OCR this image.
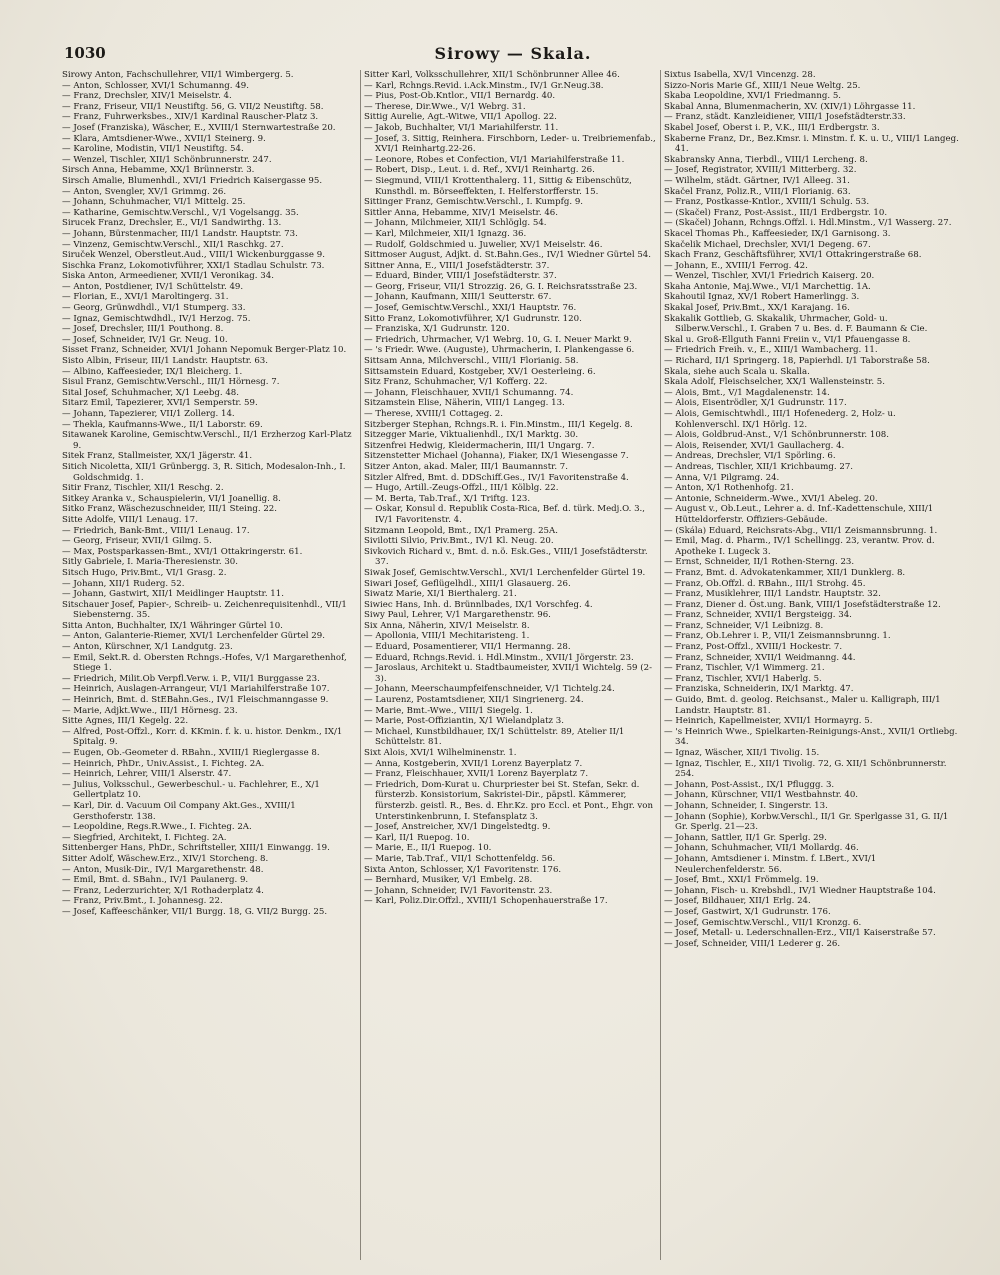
1030	Sirowy — Skala.
Sirowy Anton, Fachschullehrer, VII/1 Wimbergerg. 5.
— Anton, Schlosser, XVI/1 Schumanng. 49.
— Franz, Drechsler, XIV/1 Meiselstr. 4.
— Franz, Friseur, VII/1 Neustiftg. 56, G. VII/2 Neustiftg. 58.
— Franz, Fuhrwerksbes., XIV/1 Kardinal Rauscher-Platz 3.
— Josef (Franziska), Wäscher, E., XVIII/1 Sternwartestraße 20.
— Klara, Amtsdiener-Wwe., XVII/1 Steinerg. 9.
— Karoline, Modistin, VII/1 Neustiftg. 54.
— Wenzel, Tischler, XII/1 Schönbrunnerstr. 247.
Sirsch Anna, Hebamme, XX/1 Brünnerstr. 3.
Sirsch Amalie, Blumenhdl., XVI/1 Friedrich Kaisergasse 95.
— Anton, Svengler, XV/1 Grimmg. 26.
— Johann, Schuhmacher, VI/1 Mittelg. 25.
— Katharine, Gemischtw.Verschl., V/1 Vogelsangg. 35.
Sirucek Franz, Drechsler, E., VI/1 Sandwirthg. 13.
— Johann, Bürstenmacher, III/1 Landstr. Hauptstr. 73.
— Vinzenz, Gemischtw.Verschl., XII/1 Raschkg. 27.
Siruček Wenzel, Oberstleut.Aud., VIII/1 Wickenburggasse 9.
Sischka Franz, Lokomotivführer, XXI/1 Stadlau Schulstr. 73.
Siska Anton, Armeediener, XVII/1 Veronikag. 34.
— Anton, Postdiener, IV/1 Schüttelstr. 49.
— Florian, E., XVI/1 Maroltingerg. 31.
— Georg, Grünwdhdl., VI/1 Stumperg. 33.
— Ignaz, Gemischtwdhdl., IV/1 Herzog. 75.
— Josef, Drechsler, III/1 Pouthong. 8.
— Josef, Schneider, IV/1 Gr. Neug. 10.
Sisset Franz, Schneider, XVI/1 Johann Nepomuk Berger-Platz 10.
Sisto Albin, Friseur, III/1 Landstr. Hauptstr. 63.
— Albino, Kaffeesieder, IX/1 Bleicherg. 1.
Sisul Franz, Gemischtw.Verschl., III/1 Hörnesg. 7.
Sital Josef, Schuhmacher, X/1 Leebg. 48.
Sitarz Emil, Tapezierer, XVI/1 Semperstr. 59.
— Johann, Tapezierer, VII/1 Zollerg. 14.
— Thekla, Kaufmanns-Wwe., II/1 Laborstr. 69.
Sitawanek Karoline, Gemischtw.Verschl., II/1 Erzherzog Karl-Platz 9.
Sitek Franz, Stallmeister, XX/1 Jägerstr. 41.
Sitich Nicoletta, XII/1 Grünbergg. 3, R. Sitich, Modesalon-Inh., I. Goldschmidg. 1.
Sitir Franz, Tischler, XII/1 Reschg. 2.
Sitkey Aranka v., Schauspielerin, VI/1 Joanellig. 8.
Sitko Franz, Wäschezuschneider, III/1 Steing. 22.
Sitte Adolfe, VIII/1 Lenaug. 17.
— Friedrich, Bank-Bmt., VIII/1 Lenaug. 17.
— Georg, Friseur, XVII/1 Gilmg. 5.
— Max, Postsparkassen-Bmt., XVI/1 Ottakringerstr. 61.
Sitly Gabriele, I. Maria-Theresienstr. 30.
Sitsch Hugo, Priv.Bmt., VI/1 Grasg. 2.
— Johann, XII/1 Ruderg. 52.
— Johann, Gastwirt, XII/1 Meidlinger Hauptstr. 11.
Sitschauer Josef, Papier-, Schreib- u. Zeichenrequisitenhdl., VII/1 Siebensterng. 35.
Sitta Anton, Buchhalter, IX/1 Währinger Gürtel 10.
— Anton, Galanterie-Riemer, XVI/1 Lerchenfelder Gürtel 29.
— Anton, Kürschner, X/1 Landgutg. 23.
— Emil, Sekt.R. d. Obersten Rchngs.-Hofes, V/1 Margarethenhof, Stiege 1.
— Friedrich, Milit.Ob Verpfl.Verw. i. P., VII/1 Burggasse 23.
— Heinrich, Auslagen-Arrangeur, VI/1 Mariahilferstraße 107.
— Heinrich, Bmt. d. StEBahn.Ges., IV/1 Fleischmanngasse 9.
— Marie, Adjkt.Wwe., III/1 Hörnesg. 23.
Sitte Agnes, III/1 Kegelg. 22.
— Alfred, Post-Offzl., Korr. d. KKmin. f. k. u. histor. Denkm., IX/1 Spitalg. 9.
— Eugen, Ob.-Geometer d. RBahn., XVIII/1 Rieglergasse 8.
— Heinrich, PhDr., Univ.Assist., I. Fichteg. 2A.
— Heinrich, Lehrer, VIII/1 Alserstr. 47.
— Julius, Volksschul., Gewerbeschul.- u. Fachlehrer, E., X/1 Gellertplatz 10.
— Karl, Dir. d. Vacuum Oil Company Akt.Ges., XVIII/1 Gersthoferstr. 138.
— Leopoldine, Regs.R.Wwe., I. Fichteg. 2A.
— Siegfried, Architekt, I. Fichteg. 2A.
Sittenberger Hans, PhDr., Schriftsteller, XIII/1 Einwangg. 19.
Sitter Adolf, Wäschew.Erz., XIV/1 Storcheng. 8.
— Anton, Musik-Dir., IV/1 Margarethenstr. 48.
— Emil, Bmt. d. SBahn., IV/1 Paulanerg. 9.
— Franz, Lederzurichter, X/1 Rothaderplatz 4.
— Franz, Priv.Bmt., I. Johannesg. 22.
— Josef, Kaffeeschänker, VII/1 Burgg. 18, G. VII/2 Burgg. 25.
Sitter Karl, Volksschullehrer, XII/1 Schönbrunner Allee 46.
— Karl, Rchngs.Revid. i.Ack.Minstm., IV/1 Gr.Neug.38.
— Pius, Post-Ob.Kntlor., VII/1 Bernardg. 40.
— Therese, Dir.Wwe., V/1 Webrg. 31.
Sittig Aurelie, Agt.-Witwe, VII/1 Apollog. 22.
— Jakob, Buchhalter, VI/1 Mariahilferstr. 11.
— Josef, 3. Sittig, Reinhera. Firschborn, Leder- u. Treibriemenfab., XVI/1 Reinhartg.22-26.
— Leonore, Robes et Confection, VI/1 Mariahilferstraße 11.
— Robert, Disp., Leut. i. d. Ref., XVI/1 Reinhartg. 26.
— Siegmund, VIII/1 Krottenthalerg. 11, Sittig & Eibenschütz, Kunsthdl. m. Börseeffekten, I. Helferstorfferstr. 15.
Sittinger Franz, Gemischtw.Verschl., I. Kumpfg. 9.
Sittler Anna, Hebamme, XIV/1 Meiselstr. 46.
— Johann, Milchmeier, XII/1 Schlöglg. 54.
— Karl, Milchmeier, XII/1 Ignazg. 36.
— Rudolf, Goldschmied u. Juwelier, XV/1 Meiselstr. 46.
Sittmoser August, Adjkt. d. St.Bahn.Ges., IV/1 Wiedner Gürtel 54.
Sittner Anna, E., VIII/1 Josefstädterstr. 37.
— Eduard, Binder, VIII/1 Josefstädterstr. 37.
— Georg, Friseur, VII/1 Strozzig. 26, G. I. Reichsratsstraße 23.
— Johann, Kaufmann, XIII/1 Seutterstr. 67.
— Josef, Gemischtw.Verschl., XXI/1 Hauptstr. 76.
Sitto Franz, Lokomotivführer, X/1 Gudrunstr. 120.
— Franziska, X/1 Gudrunstr. 120.
— Friedrich, Uhrmacher, V/1 Webrg. 10, G. I. Neuer Markt 9.
— 's Friedr. Wwe. (Auguste), Uhrmacherin, I. Plankengasse 6.
Sittsam Anna, Milchverschl., VIII/1 Florianig. 58.
Sittsamstein Eduard, Kostgeber, XV/1 Oesterleing. 6.
Sitz Franz, Schuhmacher, V/1 Kofferg. 22.
— Johann, Fleischhauer, XVII/1 Schumanng. 74.
Sitzamstein Elise, Näherin, VIII/1 Langeg. 13.
— Therese, XVIII/1 Cottageg. 2.
Sitzberger Stephan, Rchngs.R. i. Fin.Minstm., III/1 Kegelg. 8.
Sitzegger Marie, Viktualienhdl., IX/1 Marktg. 30.
Sitzenfrei Hedwig, Kleidermacherin, III/1 Ungarg. 7.
Sitzenstetter Michael (Johanna), Fiaker, IX/1 Wiesengasse 7.
Sitzer Anton, akad. Maler, III/1 Baumannstr. 7.
Sitzler Alfred, Bmt. d. DDSchiff.Ges., IV/1 Favoritenstraße 4.
— Hugo, Artill.-Zeugs-Offzl., III/1 Kölblg. 22.
— M. Berta, Tab.Traf., X/1 Triftg. 123.
— Oskar, Konsul d. Republik Costa-Rica, Bef. d. türk. Medj.O. 3., IV/1 Favoritenstr. 4.
Sitzmann Leopold, Bmt., IX/1 Pramerg. 25A.
Sivilotti Silvio, Priv.Bmt., IV/1 Kl. Neug. 20.
Sivkovich Richard v., Bmt. d. n.ö. Esk.Ges., VIII/1 Josefstädterstr. 37.
Siwak Josef, Gemischtw.Verschl., XVI/1 Lerchenfelder Gürtel 19.
Siwari Josef, Geflügelhdl., XIII/1 Glasauerg. 26.
Siwatz Marie, XI/1 Bierthalerg. 21.
Siwiec Hans, Inh. d. Brünnlbades, IX/1 Vorschfeg. 4.
Siwy Paul, Lehrer, V/1 Margarethenstr. 96.
Six Anna, Näherin, XIV/1 Meiselstr. 8.
— Apollonia, VIII/1 Mechitaristeng. 1.
— Eduard, Posamentierer, VII/1 Hermanng. 28.
— Eduard, Rchngs.Revid. i. Hdl.Minstm., XVII/1 Jörgerstr. 23.
— Jaroslaus, Architekt u. Stadtbaumeister, XVII/1 Wichtelg. 59 (2-3).
— Johann, Meerschaumpfeifenschneider, V/1 Tichtelg.24.
— Laurenz, Postamtsdiener, XII/1 Singrienerg. 24.
— Marie, Bmt.-Wwe., VIII/1 Siegelg. 1.
— Marie, Post-Offiziantin, X/1 Wielandplatz 3.
— Michael, Kunstbildhauer, IX/1 Schüttelstr. 89, Atelier II/1 Schüttelstr. 81.
Sixt Alois, XVI/1 Wilhelminenstr. 1.
— Anna, Kostgeberin, XVII/1 Lorenz Bayerplatz 7.
— Franz, Fleischhauer, XVII/1 Lorenz Bayerplatz 7.
— Friedrich, Dom-Kurat u. Churpriester bei St. Stefan, Sekr. d. fürsterzb. Konsistorium, Sakristei-Dir., päpstl. Kämmerer, fürsterzb. geistl. R., Bes. d. Ehr.Kz. pro Eccl. et Pont., Ehgr. von Unterstinkenbrunn, I. Stefansplatz 3.
— Josef, Anstreicher, XV/1 Dingelstedtg. 9.
— Karl, II/1 Ruepog. 10.
— Marie, E., II/1 Ruepog. 10.
— Marie, Tab.Traf., VII/1 Schottenfeldg. 56.
Sixta Anton, Schlosser, X/1 Favoritenstr. 176.
— Bernhard, Musiker, V/1 Embelg. 28.
— Johann, Schneider, IV/1 Favoritenstr. 23.
— Karl, Poliz.Dir.Offzl., XVIII/1 Schopenhauerstraße 17.
Sixtus Isabella, XV/1 Vincenzg. 28.
Sizzo-Noris Marie Gf., XIII/1 Neue Weltg. 25.
Skaba Leopoldine, XVI/1 Friedmanng. 5.
Skabal Anna, Blumenmacherin, XV. (XIV/1) Löhrgasse 11.
— Franz, städt. Kanzleidiener, VIII/1 Josefstädterstr.33.
Skabel Josef, Oberst i. P., V.K., III/1 Erdbergstr. 3.
Skaberne Franz, Dr., Bez.Kmsr. i. Minstm. f. K. u. U., VIII/1 Langeg. 41.
Skabransky Anna, Tierbdl., VIII/1 Lercheng. 8.
— Josef, Registrator, XVIII/1 Mitterberg. 32.
— Wilhelm, städt. Gärtner, IV/1 Alleeg. 31.
Skačel Franz, Poliz.R., VIII/1 Florianig. 63.
— Franz, Postkasse-Kntlor., XVIII/1 Schulg. 53.
— (Skačel) Franz, Post-Assist., III/1 Erdbergstr. 10.
— (Skačel) Johann, Rchngs.Offzl. i. Hdl.Minstm., V/1 Wasserg. 27.
Skacel Thomas Ph., Kaffeesieder, IX/1 Garnisong. 3.
Skačelik Michael, Drechsler, XVI/1 Degeng. 67.
Skach Franz, Geschäftsführer, XVI/1 Ottakringerstraße 68.
— Johann, E., XVIII/1 Ferrog. 42.
— Wenzel, Tischler, XVI/1 Friedrich Kaiserg. 20.
Skaha Antonie, Maj.Wwe., VI/1 Marchettig. 1A.
Skahoutil Ignaz, XV/1 Robert Hamerlingg. 3.
Skakal Josef, Priv.Bmt., XX/1 Karajang. 16.
Skakalik Gottlieb, G. Skakalik, Uhrmacher, Gold- u. Silberw.Verschl., I. Graben 7 u. Bes. d. F. Baumann & Cie.
Skal u. Groß-Ellguth Fanni Freiin v., VI/1 Pfauengasse 8.
— Friedrich Freih. v., E., XIII/1 Wambacherg. 11.
— Richard, II/1 Springerg. 18, Papierhdl. I/1 Taborstraße 58.
Skala, siehe auch Scala u. Skalla.
Skala Adolf, Fleischselcher, XX/1 Wallensteinstr. 5.
— Alois, Bmt., V/1 Magdalenenstr. 14.
— Alois, Eisentrödler, X/1 Gudrunstr. 117.
— Alois, Gemischtwhdl., III/1 Hofenederg. 2, Holz- u. Kohlenverschl. IX/1 Hörlg. 12.
— Alois, Goldbrud-Anst., V/1 Schönbrunnerstr. 108.
— Alois, Reisender, XVI/1 Gaullacherg. 4.
— Andreas, Drechsler, VI/1 Spörling. 6.
— Andreas, Tischler, XII/1 Krichbaumg. 27.
— Anna, V/1 Pilgramg. 24.
— Anton, X/1 Rothenhofg. 21.
— Antonie, Schneiderm.-Wwe., XVI/1 Abeleg. 20.
— August v., Ob.Leut., Lehrer a. d. Inf.-Kadettenschule, XIII/1 Hütteldorferstr. Offiziers-Gebäude.
— (Skála) Eduard, Reichsrats-Abg., VII/1 Zeismannsbrunng. 1.
— Emil, Mag. d. Pharm., IV/1 Schellingg. 23, verantw. Prov. d. Apotheke I. Lugeck 3.
— Ernst, Schneider, II/1 Rothen-Sterng. 23.
— Franz, Bmt. d. Advokatenkammer, XII/1 Dunklerg. 8.
— Franz, Ob.Offzl. d. RBahn., III/1 Strohg. 45.
— Franz, Musiklehrer, III/1 Landstr. Hauptstr. 32.
— Franz, Diener d. Öst.ung. Bank, VIII/1 Josefstädterstraße 12.
— Franz, Schneider, XVII/1 Bergsteigg. 34.
— Franz, Schneider, V/1 Leibnizg. 8.
— Franz, Ob.Lehrer i. P., VII/1 Zeismannsbrunng. 1.
— Franz, Post-Offzl., XVIII/1 Hockestr. 7.
— Franz, Schneider, XVII/1 Weidmanng. 44.
— Franz, Tischler, V/1 Wimmerg. 21.
— Franz, Tischler, XVI/1 Haberlg. 5.
— Franziska, Schneiderin, IX/1 Marktg. 47.
— Guido, Bmt. d. geolog. Reichsanst., Maler u. Kalligraph, III/1 Landstr. Hauptstr. 81.
— Heinrich, Kapellmeister, XVII/1 Hormayrg. 5.
— 's Heinrich Wwe., Spielkarten-Reinigungs-Anst., XVII/1 Ortliebg. 34.
— Ignaz, Wäscher, XII/1 Tivolig. 15.
— Ignaz, Tischler, E., XII/1 Tivolig. 72, G. XII/1 Schönbrunnerstr. 254.
— Johann, Post-Assist., IX/1 Pfluggg. 3.
— Johann, Kürschner, VII/1 Westbahnstr. 40.
— Johann, Schneider, I. Singerstr. 13.
— Johann (Sophie), Korbw.Verschl., II/1 Gr. Sperlgasse 31, G. II/1 Gr. Sperlg. 21—23.
— Johann, Sattler, II/1 Gr. Sperlg. 29.
— Johann, Schuhmacher, VII/1 Mollardg. 46.
— Johann, Amtsdiener i. Minstm. f. LBert., XVI/1 Neulerchenfelderstr. 56.
— Josef, Bmt., XXI/1 Frömmelg. 19.
— Johann, Fisch- u. Krebshdl., IV/1 Wiedner Hauptstraße 104.
— Josef, Bildhauer, XII/1 Erlg. 24.
— Josef, Gastwirt, X/1 Gudrunstr. 176.
— Josef, Gemischtw.Verschl., VII/1 Kronzg. 6.
— Josef, Metall- u. Lederschnallen-Erz., VII/1 Kaiserstraße 57.
— Josef, Schneider, VIII/1 Lederer g. 26.
